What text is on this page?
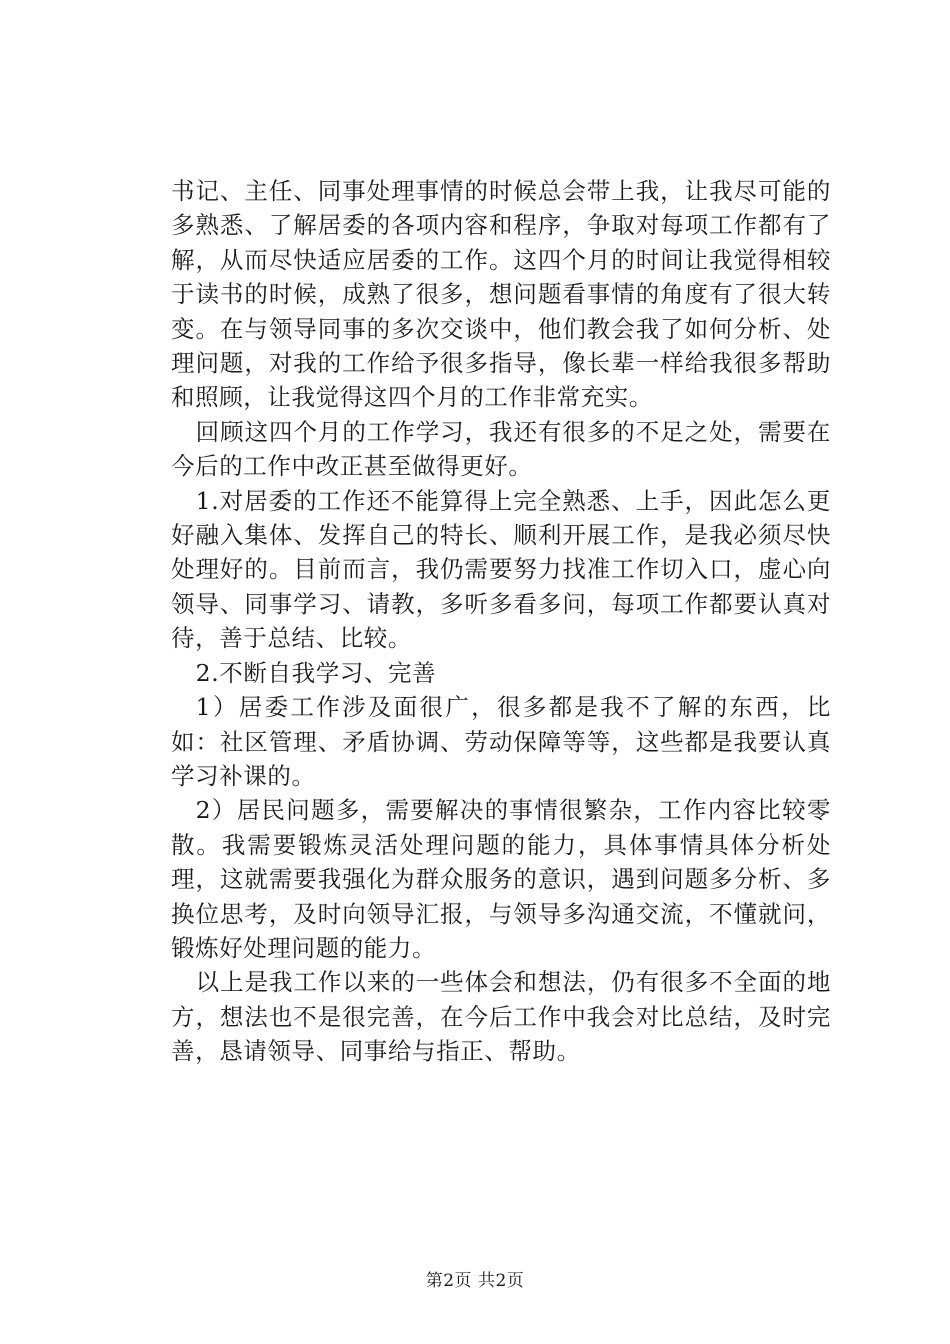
书记、主任、同事处理事情的时候总会带上我，让我尽可能的多熟悉、了解居委的各项内容和程序，争取对每项工作都有了解，从而尽快适应居委的工作。这四个月的时间让我觉得相较于读书的时候，成熟了很多，想问题看事情的角度有了很大转变。在与领导同事的多次交谈中，他们教会我了如何分析、处理问题，对我的工作给予很多指导，像长辈一样给我很多帮助和照顾，让我觉得这四个月的工作非常充实。

回顾这四个月的工作学习，我还有很多的不足之处，需要在今后的工作中改正甚至做得更好。

1.对居委的工作还不能算得上完全熟悉、上手，因此怎么更好融入集体、发挥自己的特长、顺利开展工作，是我必须尽快处理好的。目前而言，我仍需要努力找准工作切入口，虚心向领导、同事学习、请教，多听多看多问，每项工作都要认真对待，善于总结、比较。

2.不断自我学习、完善

1）居委工作涉及面很广，很多都是我不了解的东西，比如：社区管理、矛盾协调、劳动保障等等，这些都是我要认真学习补课的。

2）居民问题多，需要解决的事情很繁杂，工作内容比较零散。我需要锻炼灵活处理问题的能力，具体事情具体分析处理，这就需要我强化为群众服务的意识，遇到问题多分析、多换位思考，及时向领导汇报，与领导多沟通交流，不懂就问，锻炼好处理问题的能力。

以上是我工作以来的一些体会和想法，仍有很多不全面的地方，想法也不是很完善，在今后工作中我会对比总结，及时完善，恳请领导、同事给与指正、帮助。

第2页 共2页
